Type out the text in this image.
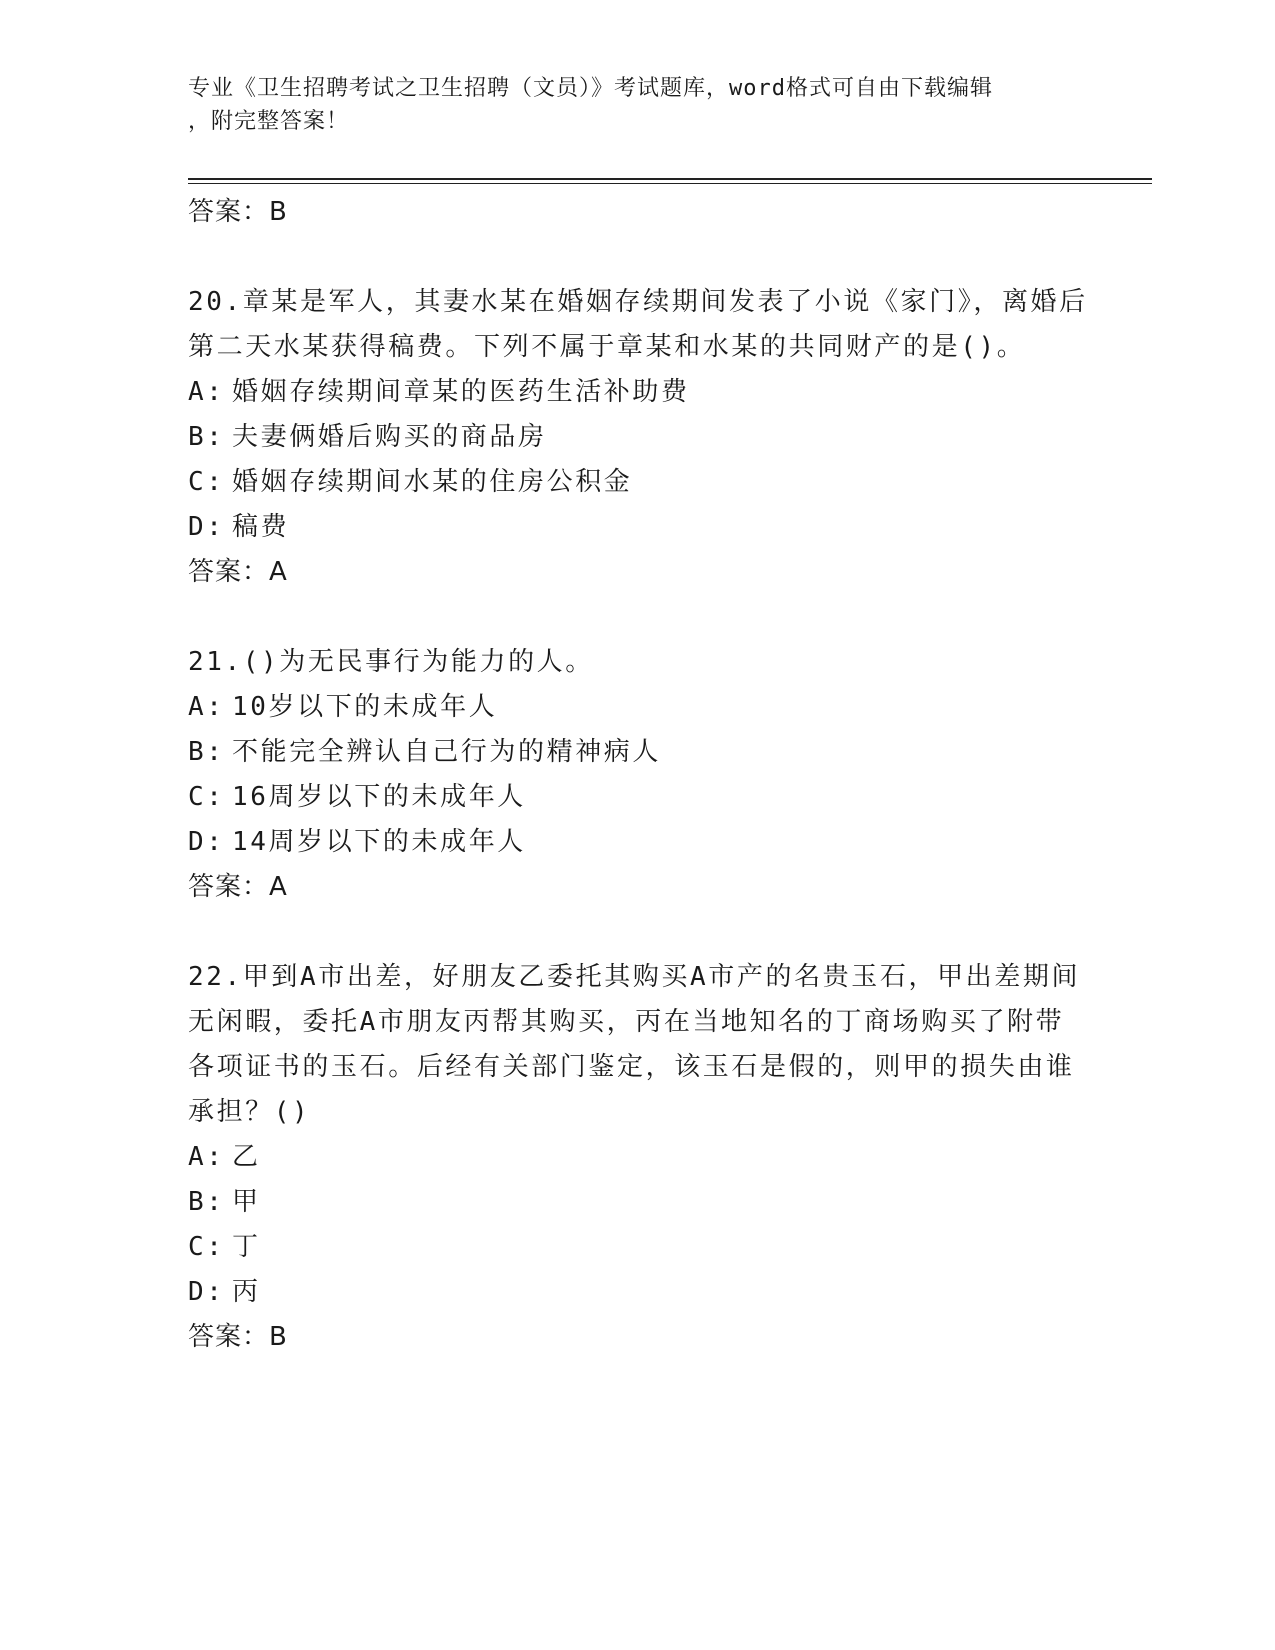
专业《卫生招聘考试之卫生招聘（文员）》考试题库，word格式可自由下载编辑
，附完整答案！
答案：B
20.章某是军人，其妻水某在婚姻存续期间发表了小说《家门》，离婚后第二天水某获得稿费。下列不属于章某和水某的共同财产的是()。
A: 婚姻存续期间章某的医药生活补助费
B: 夫妻俩婚后购买的商品房
C: 婚姻存续期间水某的住房公积金
D: 稿费
答案：A
21.()为无民事行为能力的人。
A: 10岁以下的未成年人
B: 不能完全辨认自己行为的精神病人
C: 16周岁以下的未成年人
D: 14周岁以下的未成年人
答案：A
22.甲到A市出差，好朋友乙委托其购买A市产的名贵玉石，甲出差期间无闲暇，委托A市朋友丙帮其购买，丙在当地知名的丁商场购买了附带各项证书的玉石。后经有关部门鉴定，该玉石是假的，则甲的损失由谁承担？()
A: 乙
B: 甲
C: 丁
D: 丙
答案：B
